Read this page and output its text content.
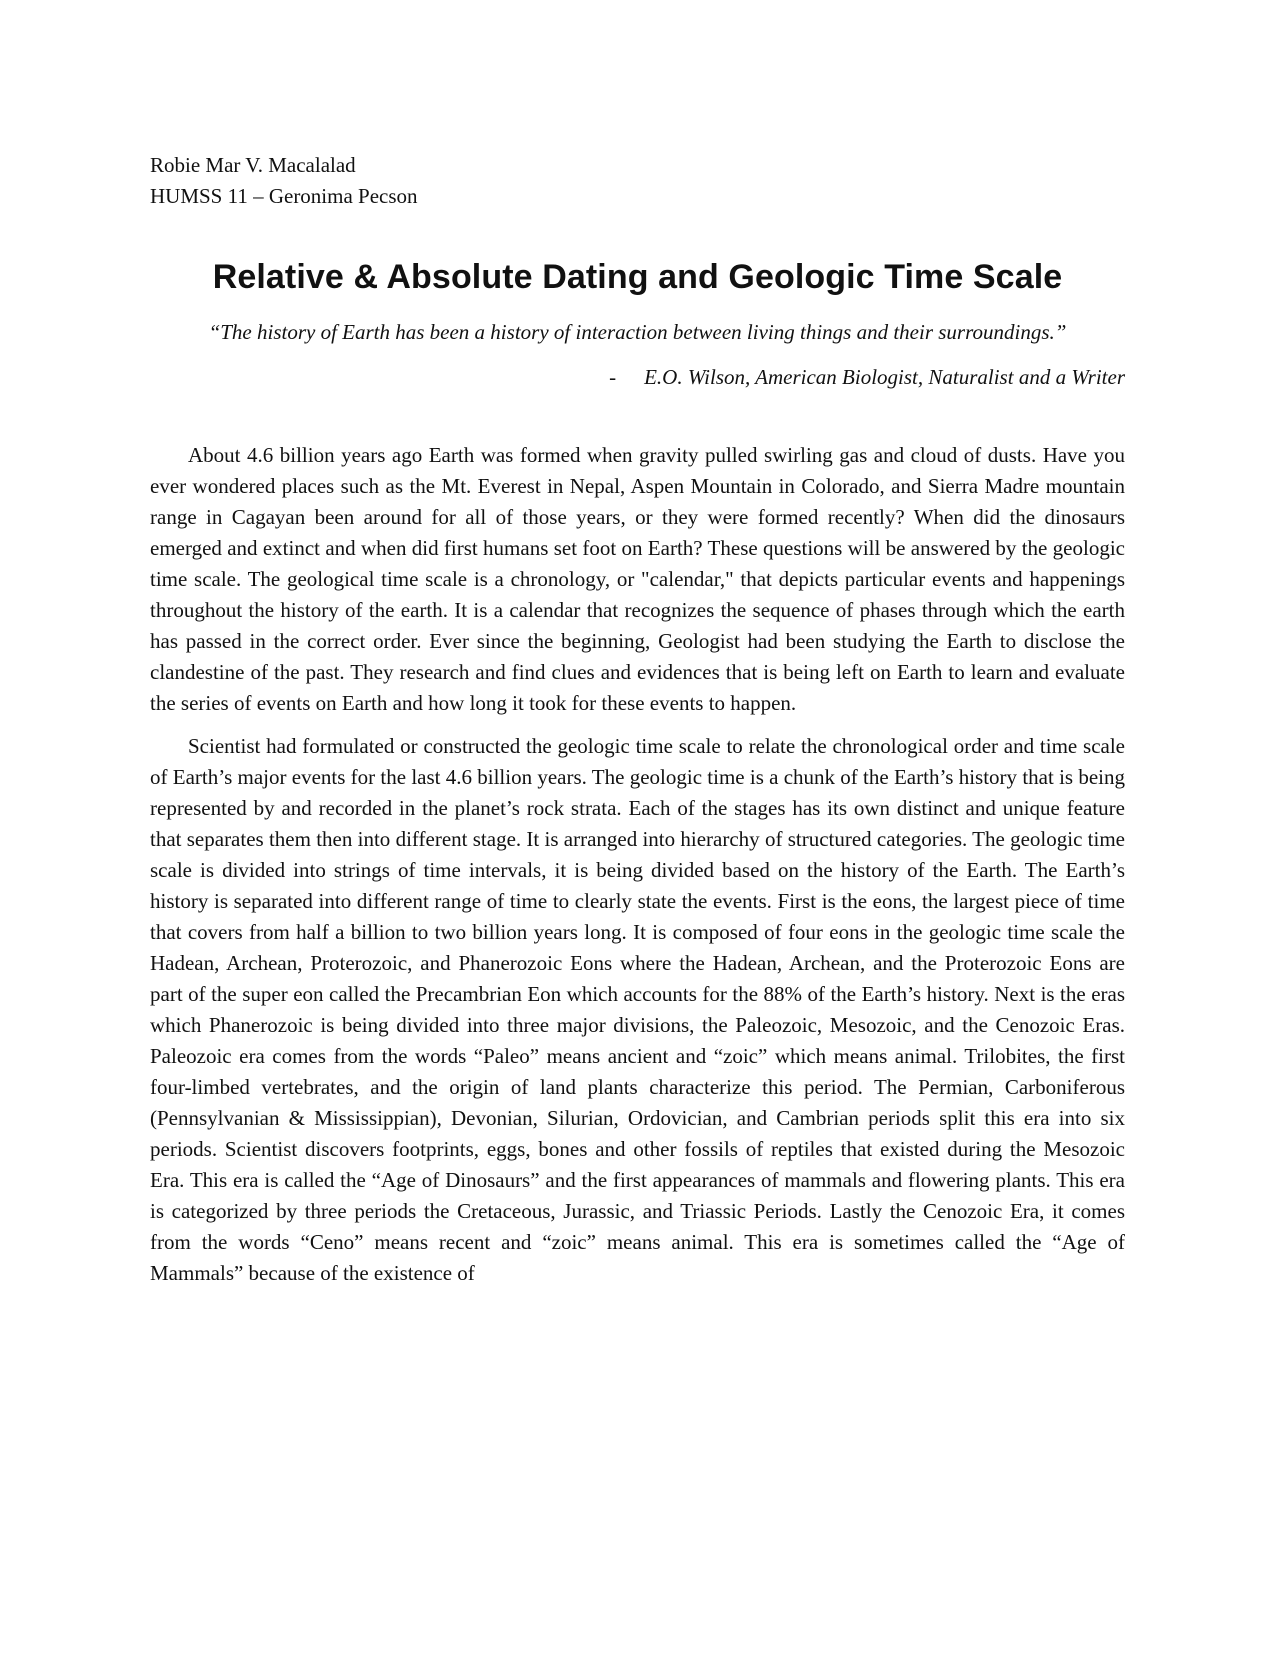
Robie Mar V. Macalalad
HUMSS 11 – Geronima Pecson
Relative & Absolute Dating and Geologic Time Scale
“The history of Earth has been a history of interaction between living things and their surroundings.”
- E.O. Wilson, American Biologist, Naturalist and a Writer

About 4.6 billion years ago Earth was formed when gravity pulled swirling gas and cloud of dusts. Have you ever wondered places such as the Mt. Everest in Nepal, Aspen Mountain in Colorado, and Sierra Madre mountain range in Cagayan been around for all of those years, or they were formed recently? When did the dinosaurs emerged and extinct and when did first humans set foot on Earth? These questions will be answered by the geologic time scale. The geological time scale is a chronology, or "calendar," that depicts particular events and happenings throughout the history of the earth. It is a calendar that recognizes the sequence of phases through which the earth has passed in the correct order. Ever since the beginning, Geologist had been studying the Earth to disclose the clandestine of the past. They research and find clues and evidences that is being left on Earth to learn and evaluate the series of events on Earth and how long it took for these events to happen.

Scientist had formulated or constructed the geologic time scale to relate the chronological order and time scale of Earth’s major events for the last 4.6 billion years. The geologic time is a chunk of the Earth’s history that is being represented by and recorded in the planet’s rock strata. Each of the stages has its own distinct and unique feature that separates them then into different stage. It is arranged into hierarchy of structured categories. The geologic time scale is divided into strings of time intervals, it is being divided based on the history of the Earth. The Earth’s history is separated into different range of time to clearly state the events. First is the eons, the largest piece of time that covers from half a billion to two billion years long. It is composed of four eons in the geologic time scale the Hadean, Archean, Proterozoic, and Phanerozoic Eons where the Hadean, Archean, and the Proterozoic Eons are part of the super eon called the Precambrian Eon which accounts for the 88% of the Earth’s history. Next is the eras which Phanerozoic is being divided into three major divisions, the Paleozoic, Mesozoic, and the Cenozoic Eras. Paleozoic era comes from the words “Paleo” means ancient and “zoic” which means animal. Trilobites, the first four-limbed vertebrates, and the origin of land plants characterize this period. The Permian, Carboniferous (Pennsylvanian & Mississippian), Devonian, Silurian, Ordovician, and Cambrian periods split this era into six periods. Scientist discovers footprints, eggs, bones and other fossils of reptiles that existed during the Mesozoic Era. This era is called the “Age of Dinosaurs” and the first appearances of mammals and flowering plants. This era is categorized by three periods the Cretaceous, Jurassic, and Triassic Periods. Lastly the Cenozoic Era, it comes from the words “Ceno” means recent and “zoic” means animal. This era is sometimes called the “Age of Mammals” because of the existence of
